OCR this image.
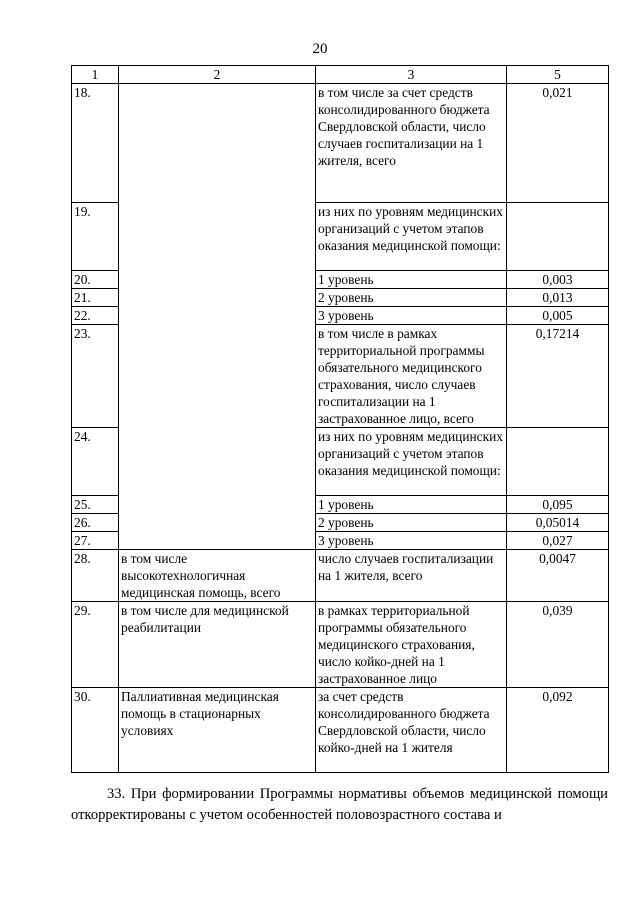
20
1	2	3	5
18.		в том числе за счет средств консолидированного бюджета Свердловской области, число случаев госпитализации на 1 жителя, всего	0,021
19.		из них по уровням медицинских организаций с учетом этапов оказания медицинской помощи:	
20.		1 уровень	0,003
21.		2 уровень	0,013
22.		3 уровень	0,005
23.		в том числе в рамках территориальной программы обязательного медицинского страхования, число случаев госпитализации на 1 застрахованное лицо, всего	0,17214
24.		из них по уровням медицинских организаций с учетом этапов оказания медицинской помощи:	
25.		1 уровень	0,095
26.		2 уровень	0,05014
27.		3 уровень	0,027
28.	в том числе высокотехнологичная медицинская помощь, всего	число случаев госпитализации на 1 жителя, всего	0,0047
29.	в том числе для медицинской реабилитации	в рамках территориальной программы обязательного медицинского страхования, число койко-дней на 1 застрахованное лицо	0,039
30.	Паллиативная медицинская помощь в стационарных условиях	за счет средств консолидированного бюджета Свердловской области, число койко-дней на 1 жителя	0,092

33. При формировании Программы нормативы объемов медицинской помощи откорректированы с учетом особенностей половозрастного состава и
